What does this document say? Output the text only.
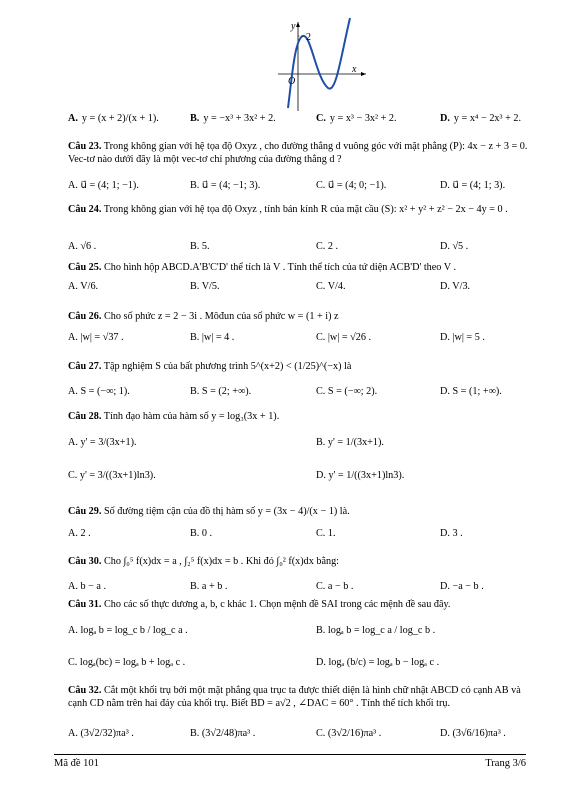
y
2
O
x
A. y = (x + 2)/(x + 1).	B. y = −x³ + 3x² + 2.	C. y = x³ − 3x² + 2.	D. y = x⁴ − 2x³ + 2.
Câu 23. Trong không gian với hệ tọa độ Oxyz , cho đường thẳng d vuông góc với mặt phẳng (P): 4x − z + 3 = 0. Vec-tơ nào dưới đây là một vec-tơ chỉ phương của đường thẳng d ?
A. u⃗ = (4; 1; −1).	B. u⃗ = (4; −1; 3).	C. u⃗ = (4; 0; −1).	D. u⃗ = (4; 1; 3).
Câu 24. Trong không gian với hệ tọa độ Oxyz , tính bán kính R của mặt cầu (S): x² + y² + z² − 2x − 4y = 0 .
A. √6 .	B. 5.	C. 2 .	D. √5 .
Câu 25. Cho hình hộp ABCD.A'B'C'D' thể tích là V . Tính thể tích của tứ diện ACB'D' theo V .
A. V/6.	B. V/5.	C. V/4.	D. V/3.
Câu 26. Cho số phức z = 2 − 3i . Môđun của số phức w = (1 + i) z
A. |w| = √37 .	B. |w| = 4 .	C. |w| = √26 .	D. |w| = 5 .
Câu 27. Tập nghiệm S của bất phương trình 5^(x+2) < (1/25)^(−x) là
A. S = (−∞; 1).	B. S = (2; +∞).	C. S = (−∞; 2).	D. S = (1; +∞).
Câu 28. Tính đạo hàm của hàm số y = log₃(3x + 1).
A. y' = 3/(3x+1).	B. y' = 1/(3x+1).
C. y' = 3/((3x+1)ln3).	D. y' = 1/((3x+1)ln3).
Câu 29. Số đường tiệm cận của đồ thị hàm số y = (3x − 4)/(x − 1) là.
A. 2 .	B. 0 .	C. 1.	D. 3 .
Câu 30. Cho ∫₀⁵ f(x)dx = a , ∫₂⁵ f(x)dx = b . Khi đó ∫₀² f(x)dx bằng:
A. b − a .	B. a + b .	C. a − b .	D. −a − b .
Câu 31. Cho các số thực dương a, b, c khác 1. Chọn mệnh đề SAI trong các mệnh đề sau đây.
A. logₐ b = log_c b / log_c a .	B. logₐ b = log_c a / log_c b .
C. logₐ(bc) = logₐ b + logₐ c .	D. logₐ (b/c) = logₐ b − logₐ c .
Câu 32. Cắt một khối trụ bởi một mặt phẳng qua trục ta được thiết diện là hình chữ nhật ABCD có cạnh AB và cạnh CD nằm trên hai đáy của khối trụ. Biết BD = a√2 , ∠DAC = 60° . Tính thể tích khối trụ.
A. (3√2/32)πa³ .	B. (3√2/48)πa³ .	C. (3√2/16)πa³ .	D. (3√6/16)πa³ .
Mã đề 101	Trang 3/6
